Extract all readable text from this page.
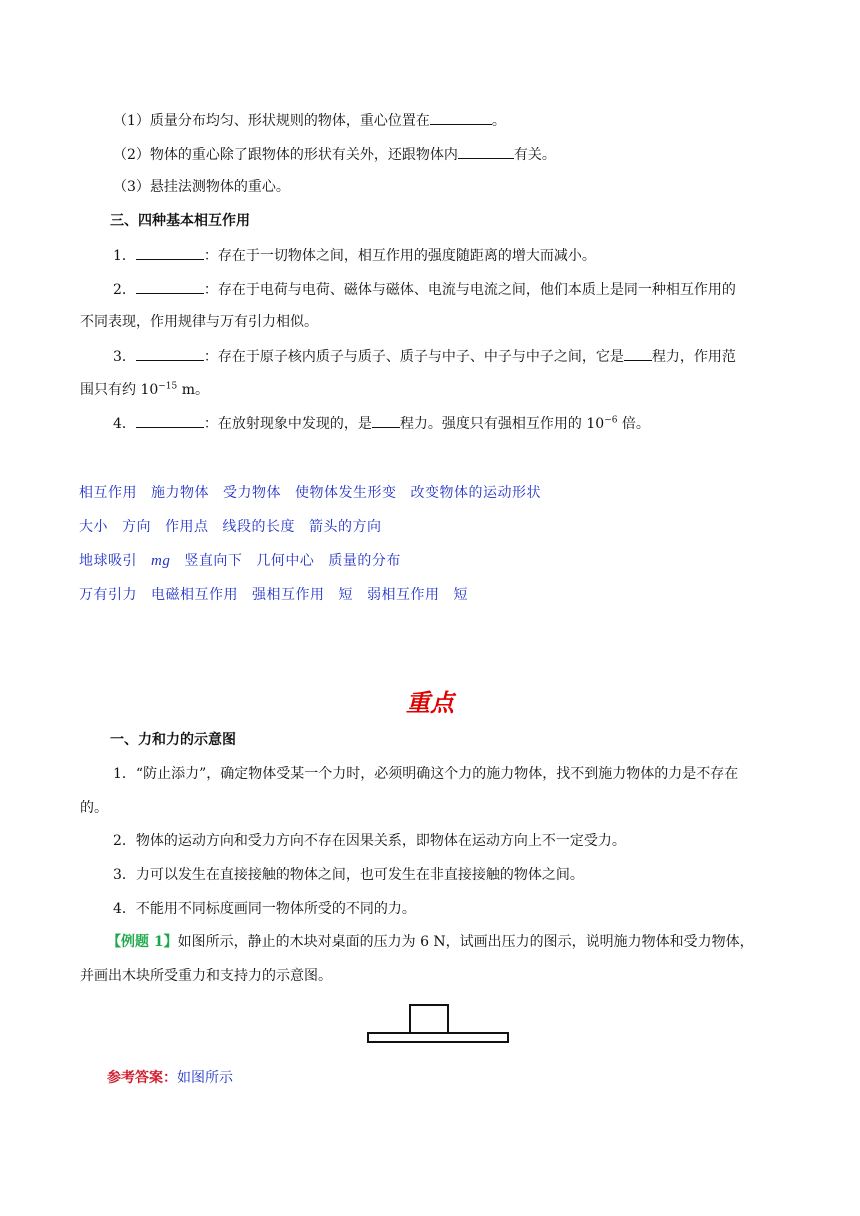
（1）质量分布均匀、形状规则的物体，重心位置在	。
（2）物体的重心除了跟物体的形状有关外，还跟物体内	有关。
（3）悬挂法测物体的重心。
三、四种基本相互作用
1．	：存在于一切物体之间，相互作用的强度随距离的增大而减小。
2．	：存在于电荷与电荷、磁体与磁体、电流与电流之间，他们本质上是同一种相互作用的
不同表现，作用规律与万有引力相似。
3．	：存在于原子核内质子与质子、质子与中子、中子与中子之间，它是 程力，作用范
围只有约 $10^{-15}$ m。
4．	：在放射现象中发现的，是 程力。强度只有强相互作用的 $10^{-6}$ 倍。
相互作用 施力物体 受力物体 使物体发生形变 改变物体的运动形状
大小 方向 作用点 线段的长度 箭头的方向
地球吸引 mg 竖直向下 几何中心 质量的分布
万有引力 电磁相互作用 强相互作用 短 弱相互作用 短
重点
一、力和力的示意图
1．“防止添力”，确定物体受某一个力时，必须明确这个力的施力物体，找不到施力物体的力是不存在
的。
2．物体的运动方向和受力方向不存在因果关系，即物体在运动方向上不一定受力。
3．力可以发生在直接接触的物体之间，也可发生在非直接接触的物体之间。
4．不能用不同标度画同一物体所受的不同的力。
【例题 1】如图所示，静止的木块对桌面的压力为 6 N，试画出压力的图示，说明施力物体和受力物体，
并画出木块所受重力和支持力的示意图。
参考答案：如图所示
